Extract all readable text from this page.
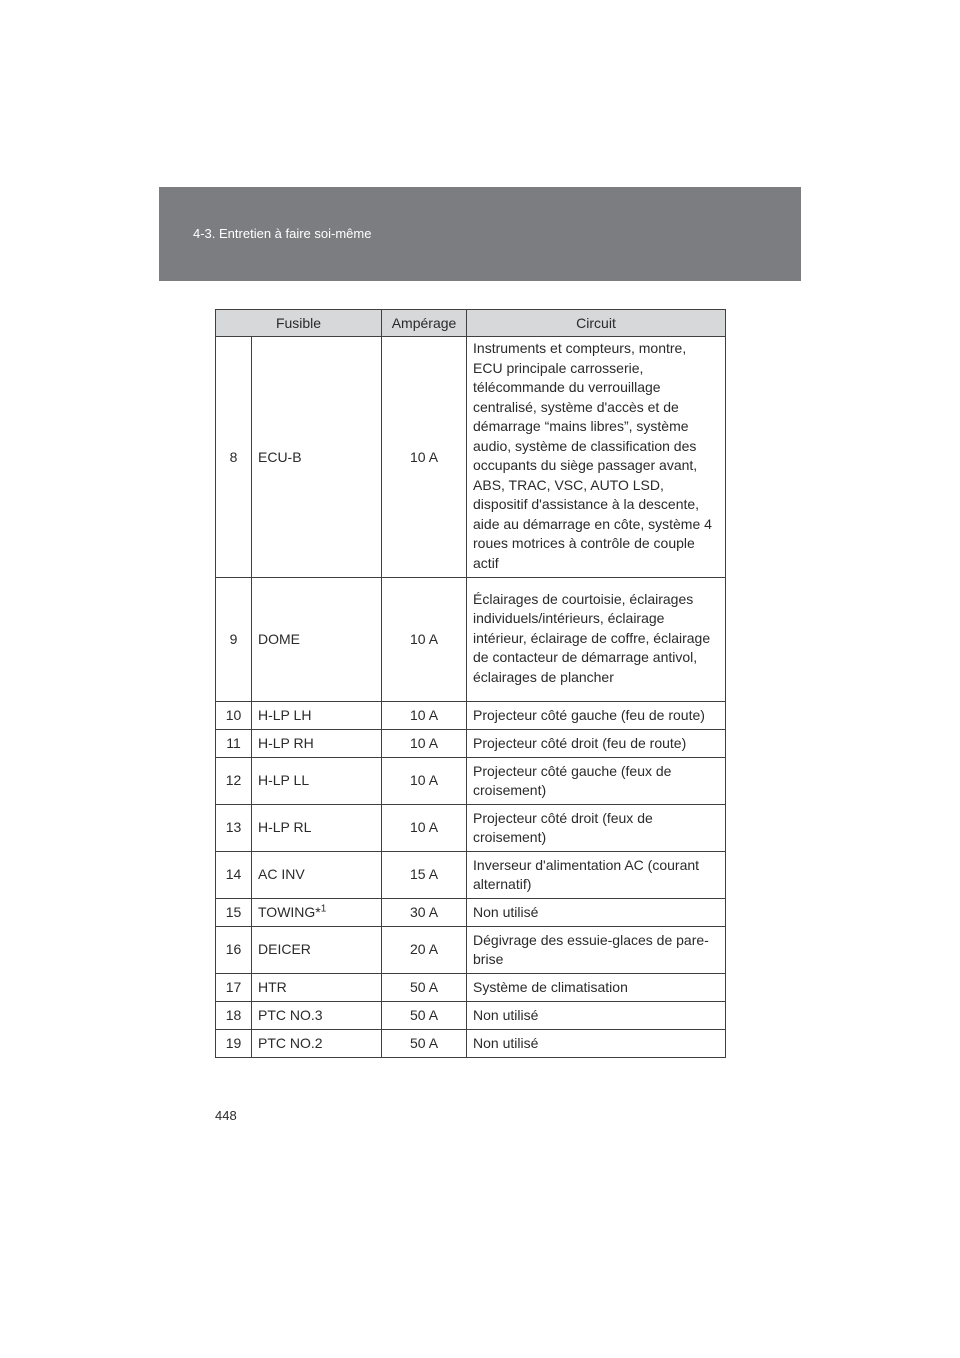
4-3. Entretien à faire soi-même
Fusible		Ampérage	Circuit
8	ECU-B	10 A	Instruments et compteurs, montre, ECU principale carrosserie, télécommande du verrouillage centralisé, système d'accès et de démarrage “mains libres”, système audio, système de classification des occupants du siège passager avant, ABS, TRAC, VSC, AUTO LSD, dispositif d'assistance à la descente, aide au démarrage en côte, système 4 roues motrices à contrôle de couple actif
9	DOME	10 A	Éclairages de courtoisie, éclairages individuels/intérieurs, éclairage intérieur, éclairage de coffre, éclairage de contacteur de démarrage antivol, éclairages de plancher
10	H-LP LH	10 A	Projecteur côté gauche (feu de route)
11	H-LP RH	10 A	Projecteur côté droit (feu de route)
12	H-LP LL	10 A	Projecteur côté gauche (feux de croisement)
13	H-LP RL	10 A	Projecteur côté droit (feux de croisement)
14	AC INV	15 A	Inverseur d'alimentation AC (courant alternatif)
15	TOWING*$^1$	30 A	Non utilisé
16	DEICER	20 A	Dégivrage des essuie-glaces de pare-brise
17	HTR	50 A	Système de climatisation
18	PTC NO.3	50 A	Non utilisé
19	PTC NO.2	50 A	Non utilisé
448
